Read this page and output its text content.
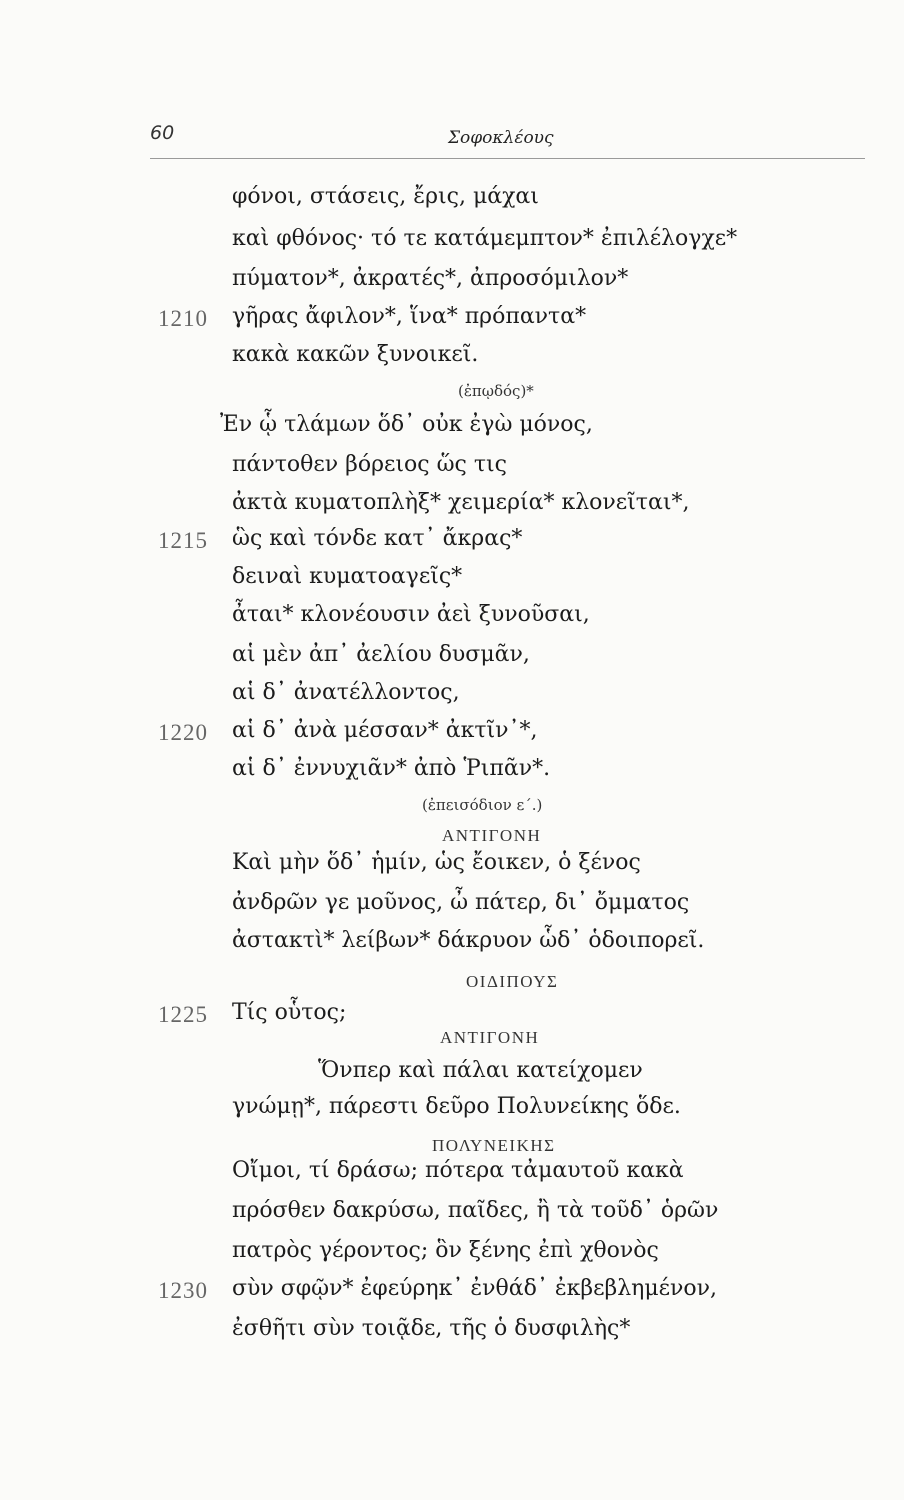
60	Σοφοκλέους
φόνοι, στάσεις, ἔρις, μάχαι
καὶ φθόνος· τό τε κατάμεμπτον* ἐπιλέλογχε*
πύματον*, ἀκρατές*, ἀπροσόμιλον*
1210 γῆρας ἄφιλον*, ἵνα* πρόπαντα*
κακὰ κακῶν ξυνοικεῖ.
(ἐπῳδός)*
Ἐν ᾧ τλάμων ὅδ᾽ οὐκ ἐγὼ μόνος,
πάντοθεν βόρειος ὥς τις
ἀκτὰ κυματοπλὴξ* χειμερία* κλονεῖται*,
1215 ὣς καὶ τόνδε κατ᾽ ἄκρας*
δειναὶ κυματοαγεῖς*
ἆται* κλονέουσιν ἀεὶ ξυνοῦσαι,
αἱ μὲν ἀπ᾽ ἀελίου δυσμᾶν,
αἱ δ᾽ ἀνατέλλοντος,
1220 αἱ δ᾽ ἀνὰ μέσσαν* ἀκτῖν᾽*,
αἱ δ᾽ ἐννυχιᾶν* ἀπὸ Ῥιπᾶν*.
(ἐπεισόδιον ε΄.)
ΑΝΤΙΓΟΝΗ
Καὶ μὴν ὅδ᾽ ἡμίν, ὡς ἔοικεν, ὁ ξένος
ἀνδρῶν γε μοῦνος, ὦ πάτερ, δι᾽ ὄμματος
ἀστακτὶ* λείβων* δάκρυον ὧδ᾽ ὁδοιπορεῖ.
ΟΙΔΙΠΟΥΣ
1225 Τίς οὗτος;
ΑΝΤΙΓΟΝΗ
Ὅνπερ καὶ πάλαι κατείχομεν
γνώμῃ*, πάρεστι δεῦρο Πολυνείκης ὅδε.
ΠΟΛΥΝΕΙΚΗΣ
Οἴμοι, τί δράσω; πότερα τἀμαυτοῦ κακὰ
πρόσθεν δακρύσω, παῖδες, ἢ τὰ τοῦδ᾽ ὁρῶν
πατρὸς γέροντος; ὃν ξένης ἐπὶ χθονὸς
1230 σὺν σφῷν* ἐφεύρηκ᾽ ἐνθάδ᾽ ἐκβεβλημένον,
ἐσθῆτι σὺν τοιᾷδε, τῆς ὁ δυσφιλὴς*
